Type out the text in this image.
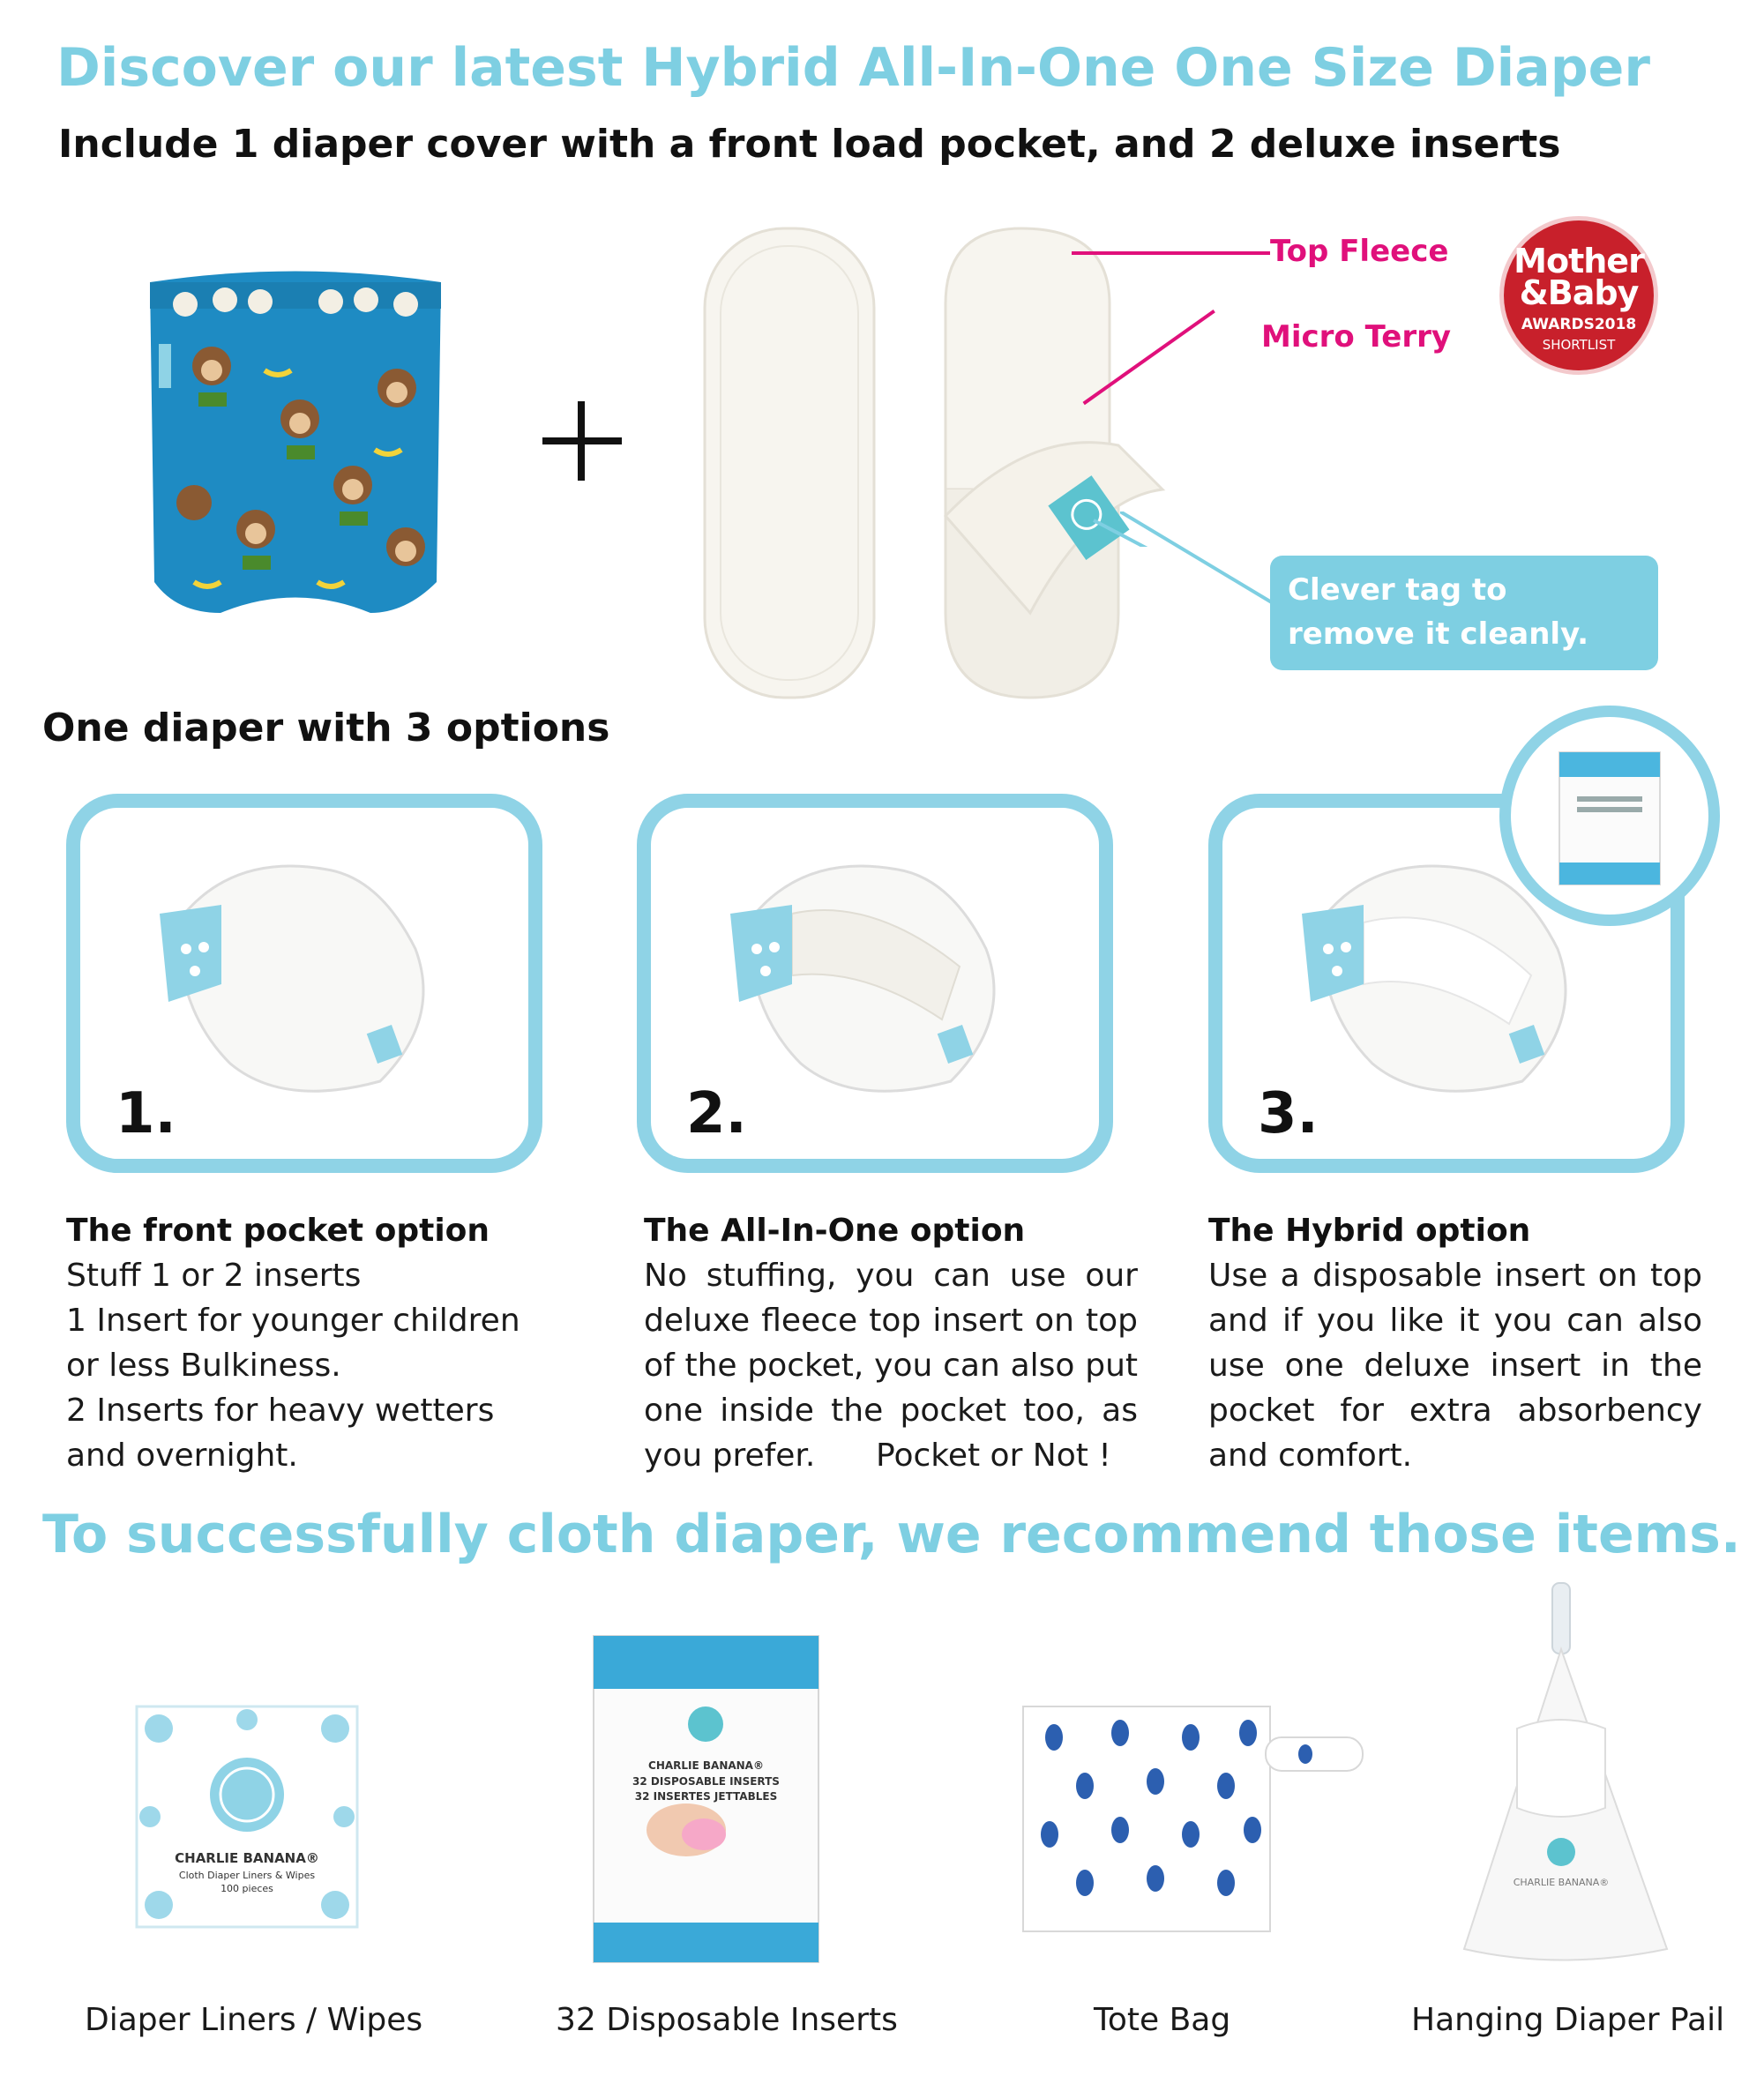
Discover our latest Hybrid All-In-One One Size Diaper
Include 1 diaper cover with a front load pocket, and 2 deluxe inserts
Top Fleece
Micro Terry
Mother
&Baby
AWARDS2018
SHORTLIST
Clever tag to remove it cleanly.
One diaper with 3 options
1.	2.	3.

The front pocket option

Stuff 1 or 2 inserts

1 Insert for younger children or less Bulkiness.

2 Inserts for heavy wetters and overnight.

The All-In-One option

No stuffing, you can use our deluxe fleece top insert on top of the pocket, you can also put one inside the pocket too, as you prefer.      Pocket or Not !

The Hybrid option

Use a disposable insert on top and if you like it you can also use one deluxe insert in the pocket for extra absorbency and comfort.

To successfully cloth diaper, we recommend those items.
CHARLIE BANANA®
Cloth Diaper Liners & Wipes
100 pieces
CHARLIE BANANA®
32 DISPOSABLE INSERTS
32 INSERTES JETTABLES
CHARLIE BANANA®
Diaper Liners / Wipes	32 Disposable Inserts	Tote Bag	Hanging Diaper Pail
